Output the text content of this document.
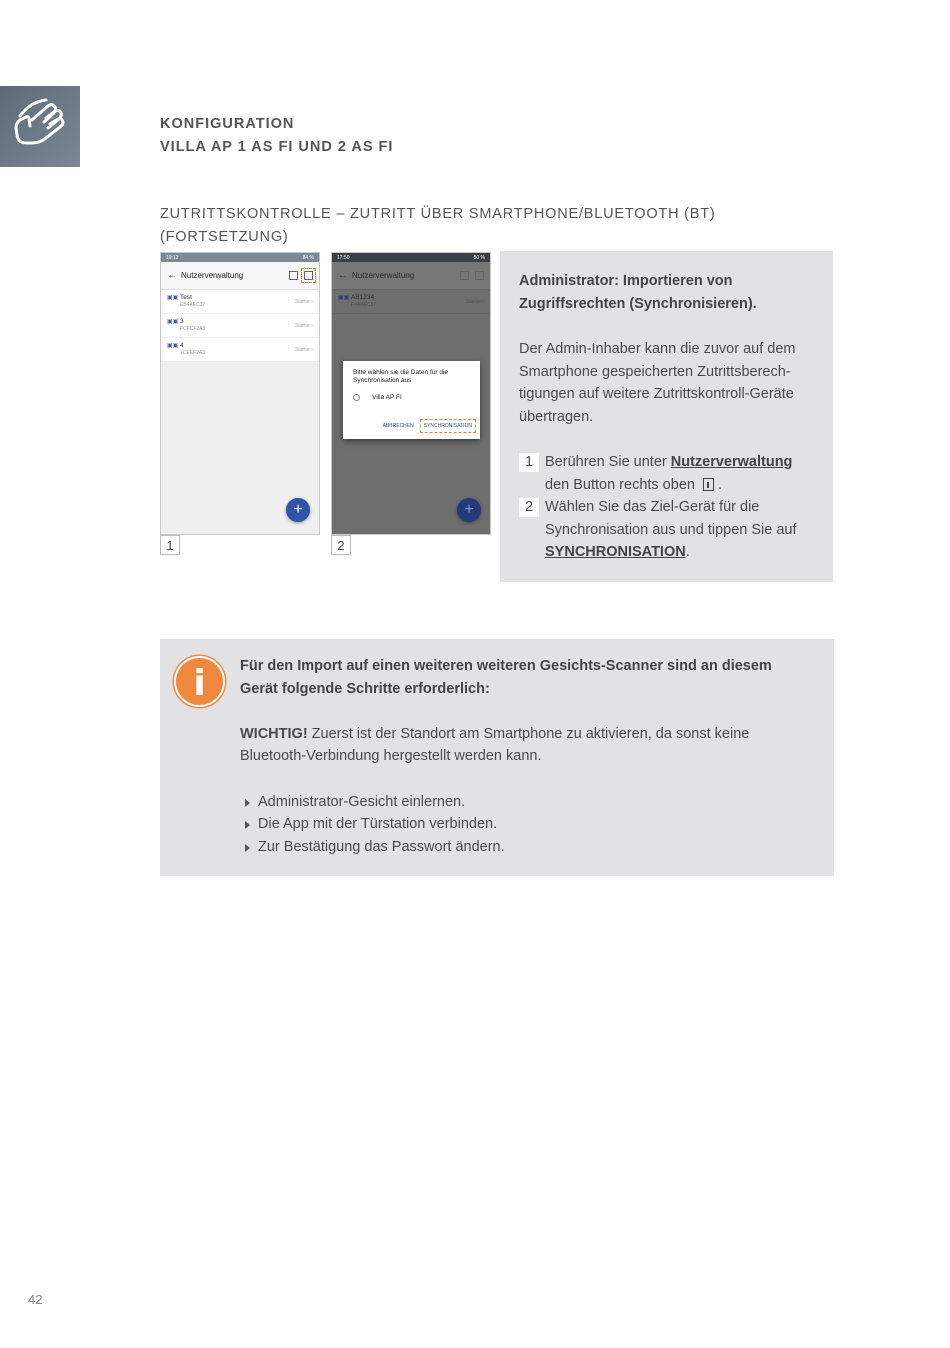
KONFIGURATION
VILLA AP 1 AS FI UND 2 AS FI
ZUTRITTSKONTROLLE – ZUTRITT ÜBER SMARTPHONE/BLUETOOTH (BT) (FORTSETZUNG)
19:12	84 %
← Nutzerverwaltung
▣▣ Test
EB4AEC37
Starter ›
▣▣ 3
FCFCF2A3
Starter ›
▣▣ 4
1CEEF2A3
Starter ›
+
1
17:50	50 %
← Nutzerverwaltung
▣▣ AB1234
F4AAEC37
Starter ›
Bitte wählen sie die Daten für die Synchronisation aus
Villa AP FI
ABBRECHEN	SYNCHRONISATION
+
2
Administrator: Importieren von Zugriffsrechten (Synchronisieren).
Der Admin-Inhaber kann die zuvor auf dem Smartphone gespeicherten Zutrittsberech-tigungen auf weitere Zutrittskontroll-Geräte übertragen.
1 Berühren Sie unter Nutzerverwaltung den Button rechts oben .
2 Wählen Sie das Ziel-Gerät für die Synchronisation aus und tippen Sie auf SYNCHRONISATION.
i	Für den Import auf einen weiteren weiteren Gesichts-Scanner sind an diesem Gerät folgende Schritte erforderlich:
WICHTIG! Zuerst ist der Standort am Smartphone zu aktivieren, da sonst keine Bluetooth-Verbindung hergestellt werden kann.
Administrator-Gesicht einlernen.
Die App mit der Türstation verbinden.
Zur Bestätigung das Passwort ändern.
42
